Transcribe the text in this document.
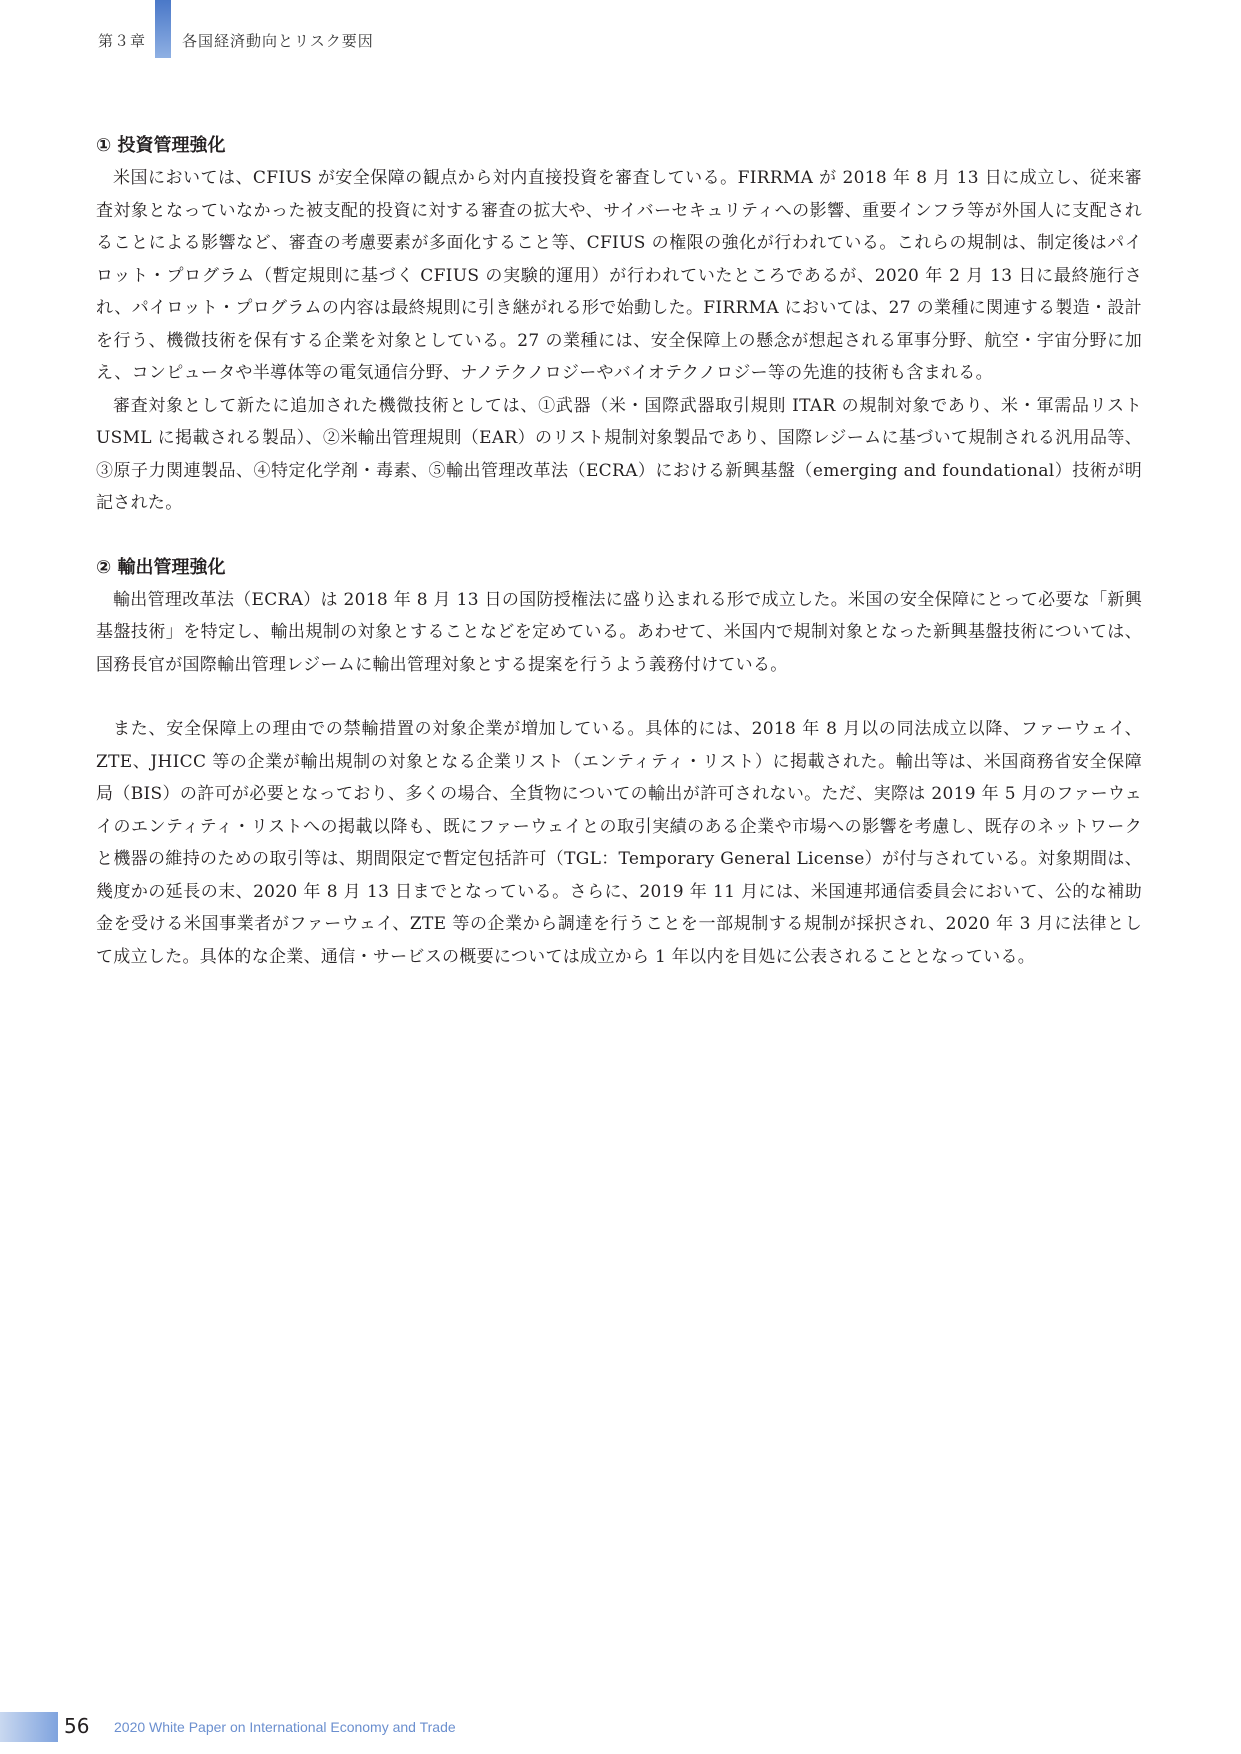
第３章 各国経済動向とリスク要因
① 投資管理強化

米国においては、CFIUS が安全保障の観点から対内直接投資を審査している。FIRRMA が 2018 年 8 月 13 日に成立し、従来審査対象となっていなかった被支配的投資に対する審査の拡大や、サイバーセキュリティへの影響、重要インフラ等が外国人に支配されることによる影響など、審査の考慮要素が多面化すること等、CFIUS の権限の強化が行われている。これらの規制は、制定後はパイロット・プログラム（暫定規則に基づく CFIUS の実験的運用）が行われていたところであるが、2020 年 2 月 13 日に最終施行され、パイロット・プログラムの内容は最終規則に引き継がれる形で始動した。FIRRMA においては、27 の業種に関連する製造・設計を行う、機微技術を保有する企業を対象としている。27 の業種には、安全保障上の懸念が想起される軍事分野、航空・宇宙分野に加え、コンピュータや半導体等の電気通信分野、ナノテクノロジーやバイオテクノロジー等の先進的技術も含まれる。

審査対象として新たに追加された機微技術としては、①武器（米・国際武器取引規則 ITAR の規制対象であり、米・軍需品リスト USML に掲載される製品）、②米輸出管理規則（EAR）のリスト規制対象製品であり、国際レジームに基づいて規制される汎用品等、③原子力関連製品、④特定化学剤・毒素、⑤輸出管理改革法（ECRA）における新興基盤（emerging and foundational）技術が明記された。

② 輸出管理強化

輸出管理改革法（ECRA）は 2018 年 8 月 13 日の国防授権法に盛り込まれる形で成立した。米国の安全保障にとって必要な「新興基盤技術」を特定し、輸出規制の対象とすることなどを定めている。あわせて、米国内で規制対象となった新興基盤技術については、国務長官が国際輸出管理レジームに輸出管理対象とする提案を行うよう義務付けている。

また、安全保障上の理由での禁輸措置の対象企業が増加している。具体的には、2018 年 8 月以の同法成立以降、ファーウェイ、ZTE、JHICC 等の企業が輸出規制の対象となる企業リスト（エンティティ・リスト）に掲載された。輸出等は、米国商務省安全保障局（BIS）の許可が必要となっており、多くの場合、全貨物についての輸出が許可されない。ただ、実際は 2019 年 5 月のファーウェイのエンティティ・リストへの掲載以降も、既にファーウェイとの取引実績のある企業や市場への影響を考慮し、既存のネットワークと機器の維持のための取引等は、期間限定で暫定包括許可（TGL：Temporary General License）が付与されている。対象期間は、幾度かの延長の末、2020 年 8 月 13 日までとなっている。さらに、2019 年 11 月には、米国連邦通信委員会において、公的な補助金を受ける米国事業者がファーウェイ、ZTE 等の企業から調達を行うことを一部規制する規制が採択され、2020 年 3 月に法律として成立した。具体的な企業、通信・サービスの概要については成立から 1 年以内を目処に公表されることとなっている。

56 2020 White Paper on International Economy and Trade
